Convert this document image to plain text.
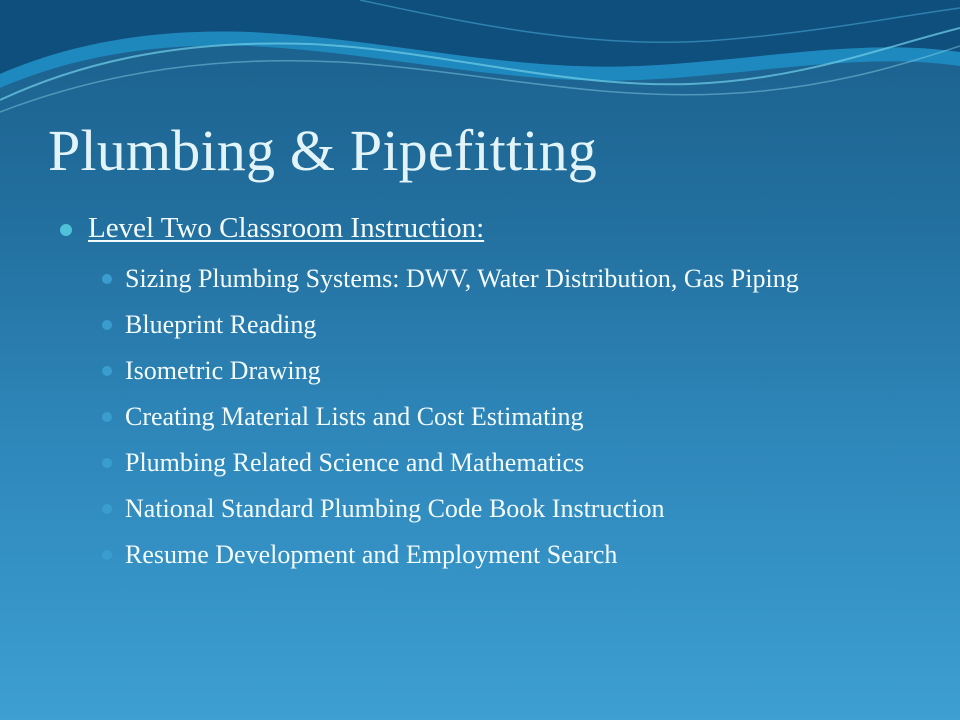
Plumbing & Pipefitting
Level Two Classroom Instruction:
Sizing Plumbing Systems: DWV, Water Distribution, Gas Piping
Blueprint Reading
Isometric Drawing
Creating Material Lists and Cost Estimating
Plumbing Related Science and Mathematics
National Standard Plumbing Code Book Instruction
Resume Development and Employment Search
